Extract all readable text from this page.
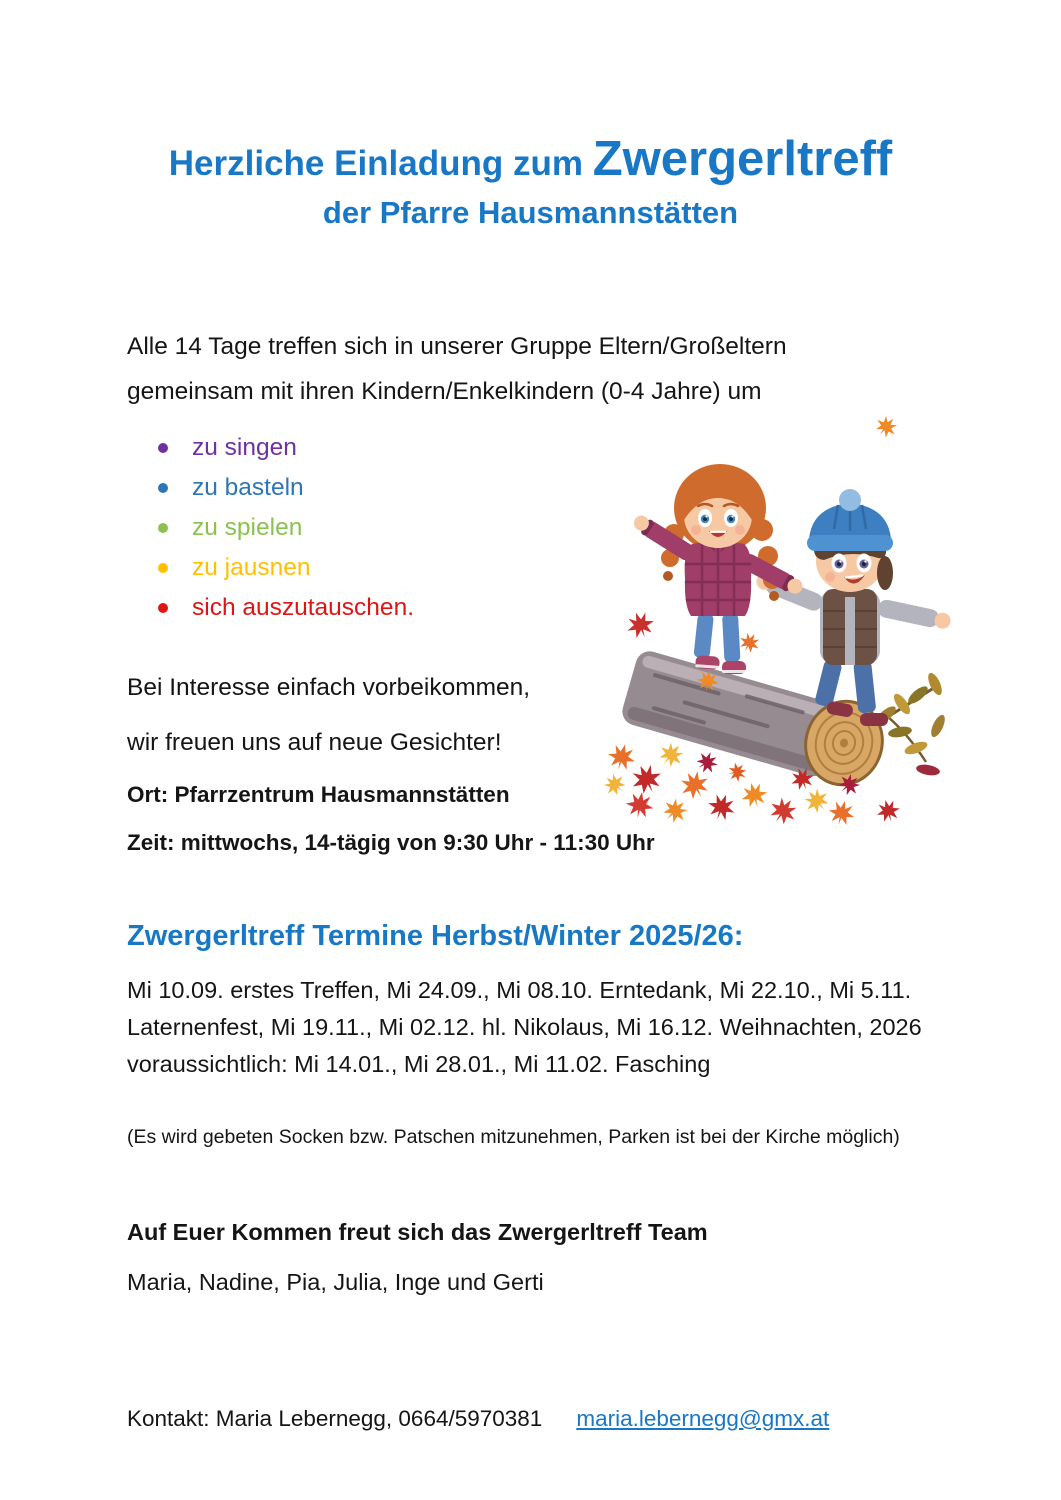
Herzliche Einladung zum Zwergerltreff
der Pfarre Hausmannstätten
Alle 14 Tage treffen sich in unserer Gruppe Eltern/Großeltern gemeinsam mit ihren Kindern/Enkelkindern (0-4 Jahre) um
zu singen
zu basteln
zu spielen
zu jausnen
sich auszutauschen.
Bei Interesse einfach vorbeikommen,
wir freuen uns auf neue Gesichter!
Ort: Pfarrzentrum Hausmannstätten
Zeit: mittwochs, 14-tägig von 9:30 Uhr - 11:30 Uhr
Zwergerltreff Termine Herbst/Winter 2025/26:
Mi 10.09. erstes Treffen, Mi 24.09., Mi 08.10. Erntedank, Mi 22.10., Mi 5.11. Laternenfest, Mi 19.11., Mi 02.12. hl. Nikolaus, Mi 16.12. Weihnachten, 2026 voraussichtlich: Mi 14.01., Mi 28.01., Mi 11.02. Fasching
(Es wird gebeten Socken bzw. Patschen mitzunehmen, Parken ist bei der Kirche möglich)
Auf Euer Kommen freut sich das Zwergerltreff Team
Maria, Nadine, Pia, Julia, Inge und Gerti
Kontakt: Maria Lebernegg, 0664/5970381 maria.lebernegg@gmx.at
